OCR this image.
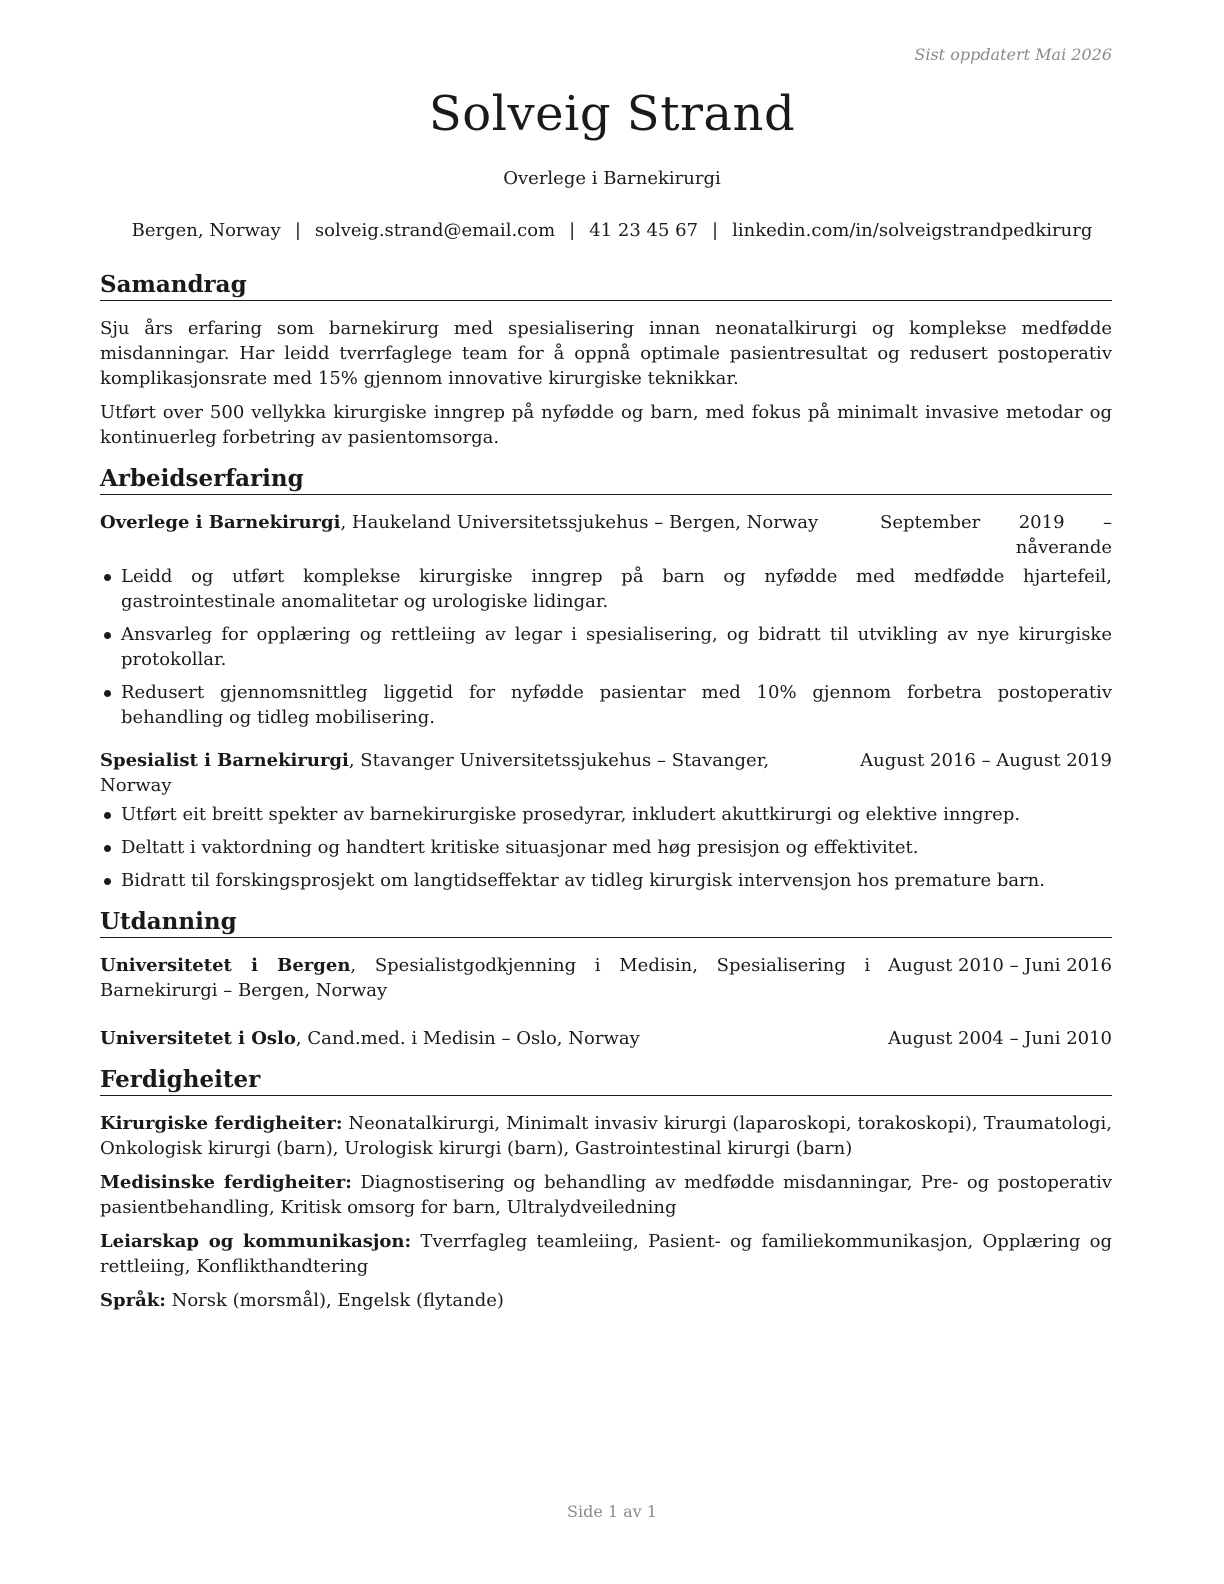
Sist oppdatert Mai 2026
Solveig Strand
Overlege i Barnekirurgi
Bergen, Norway | solveig.strand@email.com | 41 23 45 67 | linkedin.com/in/solveigstrandpedkirurg
Samandrag

Sju års erfaring som barnekirurg med spesialisering innan neonatalkirurgi og komplekse medfødde misdanningar. Har leidd tverrfaglege team for å oppnå optimale pasientresultat og redusert postoperativ komplikasjonsrate med 15% gjennom innovative kirurgiske teknikkar.

Utført over 500 vellykka kirurgiske inngrep på nyfødde og barn, med fokus på minimalt invasive metodar og kontinuerleg forbetring av pasientomsorga.

Arbeidserfaring
Overlege i Barnekirurgi, Haukeland Universitetssjukehus – Bergen, Norway	September 2019 – nåverande
Leidd og utført komplekse kirurgiske inngrep på barn og nyfødde med medfødde hjartefeil, gastrointestinale anomalitetar og urologiske lidingar.
Ansvarleg for opplæring og rettleiing av legar i spesialisering, og bidratt til utvikling av nye kirurgiske protokollar.
Redusert gjennomsnittleg liggetid for nyfødde pasientar med 10% gjennom forbetra postoperativ behandling og tidleg mobilisering.
Spesialist i Barnekirurgi, Stavanger Universitetssjukehus – Stavanger, Norway
August 2016 – August 2019
Utført eit breitt spekter av barnekirurgiske prosedyrar, inkludert akuttkirurgi og elektive inngrep.
Deltatt i vaktordning og handtert kritiske situasjonar med høg presisjon og effektivitet.
Bidratt til forskingsprosjekt om langtidseffektar av tidleg kirurgisk intervensjon hos premature barn.
Utdanning
Universitetet i Bergen, Spesialistgodkjenning i Medisin, Spesialisering i Barnekirurgi – Bergen, Norway
August 2010 – Juni 2016
Universitetet i Oslo, Cand.med. i Medisin – Oslo, Norway	August 2004 – Juni 2010
Ferdigheiter
Kirurgiske ferdigheiter: Neonatalkirurgi, Minimalt invasiv kirurgi (laparoskopi, torakoskopi), Traumatologi, Onkologisk kirurgi (barn), Urologisk kirurgi (barn), Gastrointestinal kirurgi (barn)
Medisinske ferdigheiter: Diagnostisering og behandling av medfødde misdanningar, Pre- og postoperativ pasientbehandling, Kritisk omsorg for barn, Ultralydveiledning
Leiarskap og kommunikasjon: Tverrfagleg teamleiing, Pasient- og familiekommunikasjon, Opplæring og rettleiing, Konflikthandtering
Språk: Norsk (morsmål), Engelsk (flytande)
Side 1 av 1
